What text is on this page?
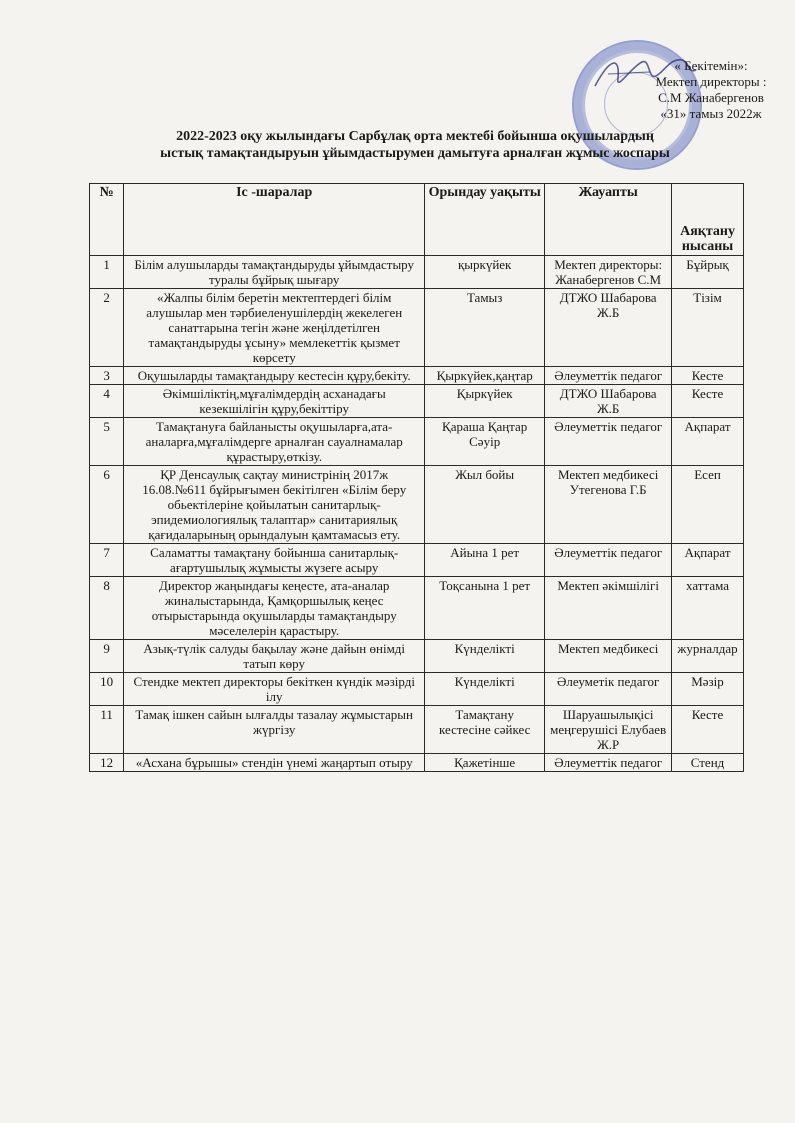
« Бекітемін»:
Мектеп директоры :
С.М Жанабергенов
«31» тамыз 2022ж
2022-2023 оқу жылындағы Сарбұлақ орта мектебі бойынша оқушылардың
ыстық тамақтандыруын ұйымдастырумен дамытуға арналған жұмыс жоспары
№	Іс -шаралар	Орындау уақыты	Жауапты	Аяқтану нысаны
1	Білім алушыларды тамақтандыруды ұйымдастыру туралы бұйрық шығару	қыркүйек	Мектеп директоры: Жанабергенов С.М	Бұйрық
2	«Жалпы білім беретін мектептердегі білім алушылар мен тәрбиеленушілердің жекелеген санаттарына тегін және жеңілдетілген тамақтандыруды ұсыну» мемлекеттік қызмет көрсету	Тамыз	ДТЖО Шабарова Ж.Б	Тізім
3	Оқушыларды тамақтандыру кестесін құру,бекіту.	Қыркүйек,қаңтар	Әлеуметтік педагог	Кесте
4	Әкімшіліктің,мұғалімдердің асханадағы кезекшілігін құру,бекіттіру	Қыркүйек	ДТЖО Шабарова Ж.Б	Кесте
5	Тамақтануға байланысты оқушыларға,ата-аналарға,мұғалімдерге арналған сауалнамалар құрастыру,өткізу.	Қараша Қаңтар Сәуір	Әлеуметтік педагог	Ақпарат
6	ҚР Денсаулық сақтау министрінің 2017ж 16.08.№611 бұйрығымен бекітілген «Білім беру обьектілеріне қойылатын санитарлық-эпидемиологиялық талаптар» санитариялық қағидаларының орындалуын қамтамасыз ету.	Жыл бойы	Мектеп медбикесі Утегенова Г.Б	Есеп
7	Саламатты тамақтану бойынша санитарлық-ағартушылық жұмысты жүзеге асыру	Айына 1 рет	Әлеуметтік педагог	Ақпарат
8	Директор жаңындағы кеңесте, ата-аналар жиналыстарында, Қамқоршылық кеңес отырыстарында оқушыларды тамақтандыру мәселелерін қарастыру.	Тоқсанына 1 рет	Мектеп әкімшілігі	хаттама
9	Азық-түлік салуды бақылау және дайын өнімді татып көру	Күнделікті	Мектеп медбикесі	журналдар
10	Стендке мектеп директоры бекіткен күндік мәзірді ілу	Күнделікті	Әлеуметік педагог	Мәзір
11	Тамақ ішкен сайын ылғалды тазалау жұмыстарын жүргізу	Тамақтану кестесіне сәйкес	Шаруашылықісі меңгерушісі Елубаев Ж.Р	Кесте
12	«Асхана бұрышы» стендін үнемі жаңартып отыру	Қажетінше	Әлеуметтік педагог	Стенд
